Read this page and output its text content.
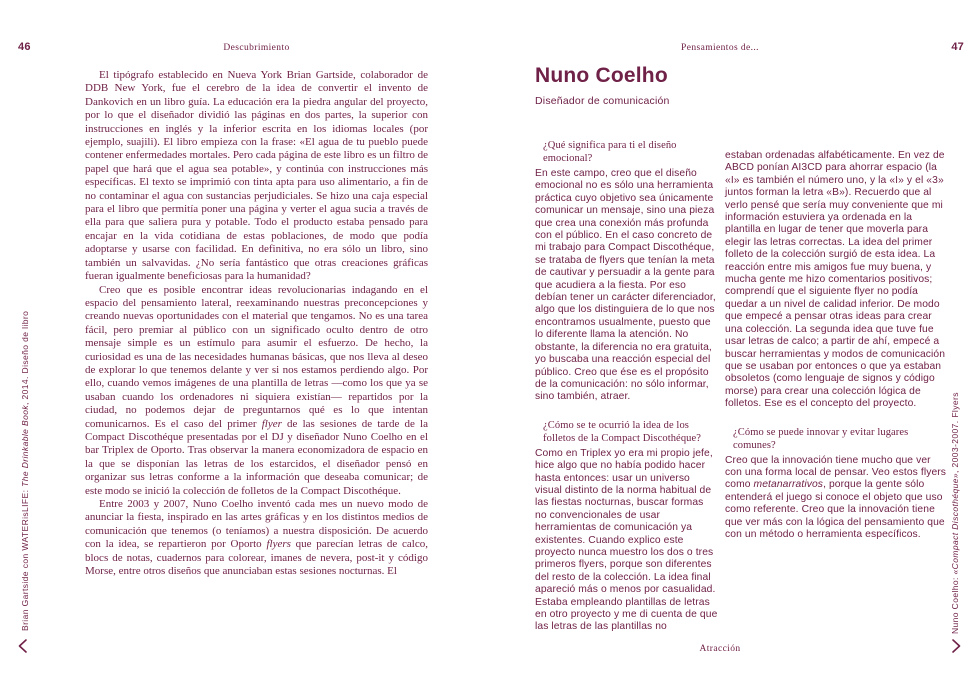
46	Descubrimiento

El tipógrafo establecido en Nueva York Brian Gartside, colaborador de DDB New York, fue el cerebro de la idea de convertir el invento de Dankovich en un libro guía. La educación era la piedra angular del proyecto, por lo que el diseñador dividió las páginas en dos partes, la superior con instrucciones en inglés y la inferior escrita en los idiomas locales (por ejemplo, suajili). El libro empieza con la frase: «El agua de tu pueblo puede contener enfermedades mortales. Pero cada página de este libro es un filtro de papel que hará que el agua sea potable», y continúa con instrucciones más específicas. El texto se imprimió con tinta apta para uso alimentario, a fin de no contaminar el agua con sustancias perjudiciales. Se hizo una caja especial para el libro que permitía poner una página y verter el agua sucia a través de ella para que saliera pura y potable. Todo el producto estaba pensado para encajar en la vida cotidiana de estas poblaciones, de modo que podía adoptarse y usarse con facilidad. En definitiva, no era sólo un libro, sino también un salvavidas. ¿No sería fantástico que otras creaciones gráficas fueran igualmente beneficiosas para la humanidad?

Creo que es posible encontrar ideas revolucionarias indagando en el espacio del pensamiento lateral, reexaminando nuestras preconcepciones y creando nuevas oportunidades con el material que tengamos. No es una tarea fácil, pero premiar al público con un significado oculto dentro de otro mensaje simple es un estímulo para asumir el esfuerzo. De hecho, la curiosidad es una de las necesidades humanas básicas, que nos lleva al deseo de explorar lo que tenemos delante y ver si nos estamos perdiendo algo. Por ello, cuando vemos imágenes de una plantilla de letras —como los que ya se usaban cuando los ordenadores ni siquiera existían— repartidos por la ciudad, no podemos dejar de preguntarnos qué es lo que intentan comunicarnos. Es el caso del primer flyer de las sesiones de tarde de la Compact Discothéque presentadas por el DJ y diseñador Nuno Coelho en el bar Triplex de Oporto. Tras observar la manera economizadora de espacio en la que se disponían las letras de los estarcidos, el diseñador pensó en organizar sus letras conforme a la información que deseaba comunicar; de este modo se inició la colección de folletos de la Compact Discothéque.

Entre 2003 y 2007, Nuno Coelho inventó cada mes un nuevo modo de anunciar la fiesta, inspirado en las artes gráficas y en los distintos medios de comunicación que tenemos (o teníamos) a nuestra disposición. De acuerdo con la idea, se repartieron por Oporto flyers que parecían letras de calco, blocs de notas, cuadernos para colorear, imanes de nevera, post-it y código Morse, entre otros diseños que anunciaban estas sesiones nocturnas. El

Brian Gartside con WATERisLIFE: The Drinkable Book, 2014. Diseño de libro
Pensamientos de...	47
Nuno Coelho

Diseñador de comunicación

¿Qué significa para ti el diseño emocional?

En este campo, creo que el diseño emocional no es sólo una herramienta práctica cuyo objetivo sea únicamente comunicar un mensaje, sino una pieza que crea una conexión más profunda con el público. En el caso concreto de mi trabajo para Compact Discothéque, se trataba de flyers que tenían la meta de cautivar y persuadir a la gente para que acudiera a la fiesta. Por eso debían tener un carácter diferenciador, algo que los distinguiera de lo que nos encontramos usualmente, puesto que lo diferente llama la atención. No obstante, la diferencia no era gratuita, yo buscaba una reacción especial del público. Creo que ése es el propósito de la comunicación: no sólo informar, sino también, atraer.

¿Cómo se te ocurrió la idea de los folletos de la Compact Discothéque?

Como en Triplex yo era mi propio jefe, hice algo que no había podido hacer hasta entonces: usar un universo visual distinto de la norma habitual de las fiestas nocturnas, buscar formas no convencionales de usar herramientas de comunicación ya existentes. Cuando explico este proyecto nunca muestro los dos o tres primeros flyers, porque son diferentes del resto de la colección. La idea final apareció más o menos por casualidad. Estaba empleando plantillas de letras en otro proyecto y me di cuenta de que las letras de las plantillas no

estaban ordenadas alfabéticamente. En vez de ABCD ponían AI3CD para ahorrar espacio (la «I» es también el número uno, y la «I» y el «3» juntos forman la letra «B»). Recuerdo que al verlo pensé que sería muy conveniente que mi información estuviera ya ordenada en la plantilla en lugar de tener que moverla para elegir las letras correctas. La idea del primer folleto de la colección surgió de esta idea. La reacción entre mis amigos fue muy buena, y mucha gente me hizo comentarios positivos; comprendí que el siguiente flyer no podía quedar a un nivel de calidad inferior. De modo que empecé a pensar otras ideas para crear una colección. La segunda idea que tuve fue usar letras de calco; a partir de ahí, empecé a buscar herramientas y modos de comunicación que se usaban por entonces o que ya estaban obsoletos (como lenguaje de signos y código morse) para crear una colección lógica de folletos. Ese es el concepto del proyecto.

¿Cómo se puede innovar y evitar lugares comunes?

Creo que la innovación tiene mucho que ver con una forma local de pensar. Veo estos flyers como metanarrativos, porque la gente sólo entenderá el juego si conoce el objeto que uso como referente. Creo que la innovación tiene que ver más con la lógica del pensamiento que con un método o herramienta específicos.

Atracción
Nuno Coelho: «Compact Discothéque», 2003-2007. Flyers
